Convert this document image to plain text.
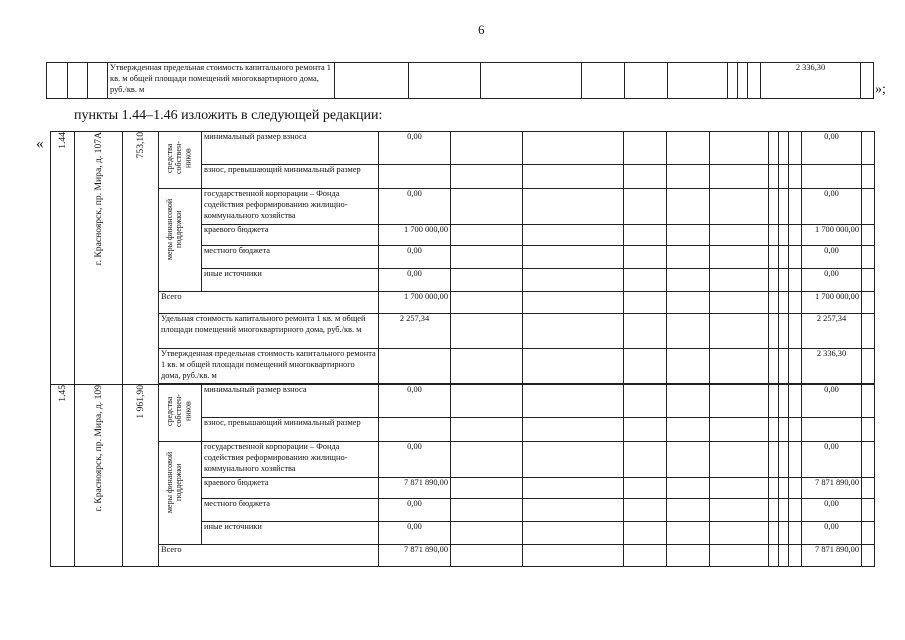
6
			Утвержденная предельная стоимость капитального ремонта 1 кв. м общей площади помещений многоквартирного дома, руб./кв. м										2 336,30	
»;
пункты 1.44–1.46 изложить в следующей редакции:
« 1.44	г. Красноярск, пр. Мира, д. 107А	753,10	средства собствен-ников	минимальный размер взноса	0,00									0,00	
				взнос, превышающий минимальный размер											

			меры финансовой поддержки	государственной корпорации – Фонда содействия реформированию жилищно-коммунального хозяйства	0,00									0,00	
				краевого бюджета	1 700 000,00									1 700 000,00	
				местного бюджета	0,00									0,00	
				иные источники	0,00									0,00	
			Всего		1 700 000,00									1 700 000,00	
			Удельная стоимость капитального ремонта 1 кв. м общей площади помещений многоквартирного дома, руб./кв. м		2 257,34									2 257,34	
			Утвержденная предельная стоимость капитального ремонта 1 кв. м общей площади помещений многоквартирного дома, руб./кв. м											2 336,30	

1.45	г. Красноярск, пр. Мира, д. 109	1 961,90	средства собствен-ников	минимальный размер взноса	0,00									0,00	
				взнос, превышающий минимальный размер											

			меры финансовой поддержки	государственной корпорации – Фонда содействия реформированию жилищно-коммунального хозяйства	0,00									0,00	
				краевого бюджета	7 871 890,00									7 871 890,00	
				местного бюджета	0,00									0,00	
				иные источники	0,00									0,00	
			Всего		7 871 890,00									7 871 890,00	
